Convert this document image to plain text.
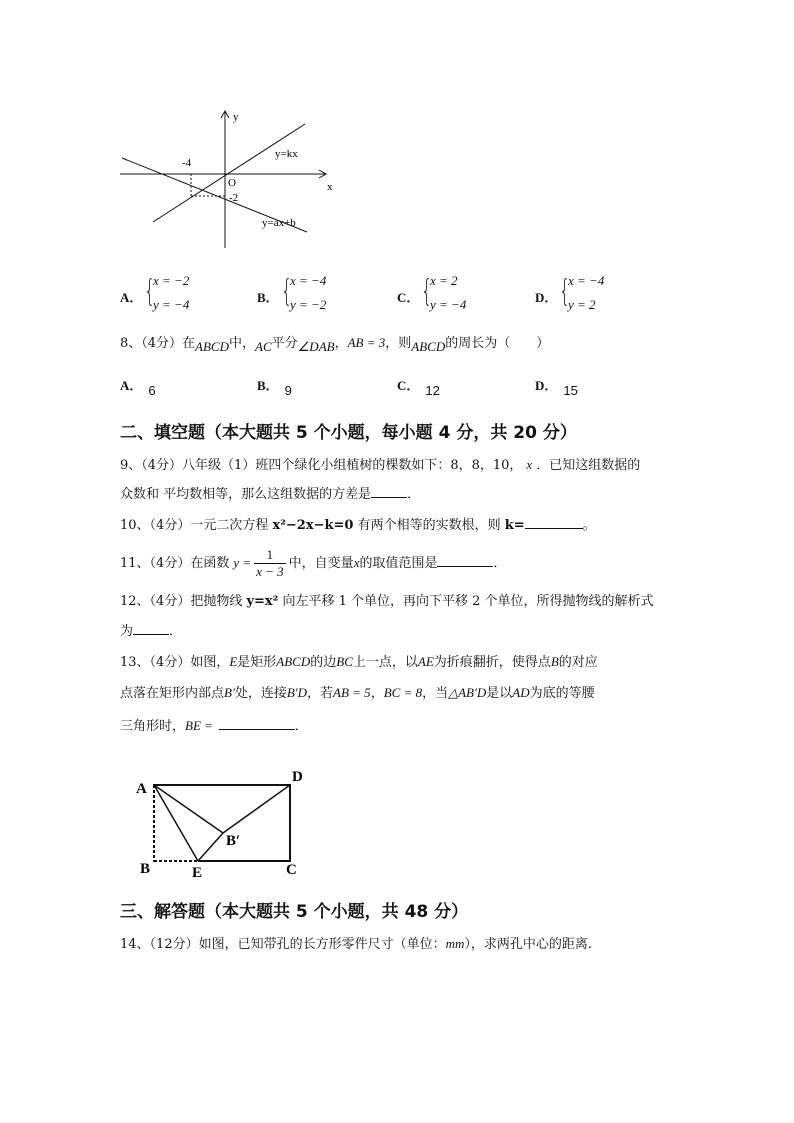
y
x
O
-4
-2
y=kx
y=ax+b
A． {
x = −2
y = −4	B． {
x = −4
y = −2	C． {
x = 2
y = −4	D． {
x = −4
y = 2
8、（4分）在ABCD中，AC平分∠DAB，AB = 3，则ABCD的周长为（　　）
A． 6	B． 9	C． 12	D． 15
二、填空题（本大题共 5 个小题，每小题 4 分，共 20 分）
9、（4分）八年级（1）班四个绿化小组植树的棵数如下：8，8，10， x ．已知这组数据的
众数和 平均数相等，那么这组数据的方差是	．
10、（4分）一元二次方程 x²−2x−k=0 有两个相等的实数根，则 k=	。
11、（4分）在函数 $y = \frac{1}{x - 3}$ 中，自变量x的取值范围是	．
12、（4分）把抛物线 y=x² 向左平移 1 个单位，再向下平移 2 个单位，所得抛物线的解析式
为	．
13、（4分）如图，E是矩形ABCD的边BC上一点，以AE为折痕翻折，使得点B的对应
点落在矩形内部点B′处，连接B′D，若AB = 5，BC = 8，当△AB′D是以AD为底的等腰
三角形时，BE =	．
A
D
B	E	C
B′
三、解答题（本大题共 5 个小题，共 48 分）
14、（12分）如图，已知带孔的长方形零件尺寸（单位：mm），求两孔中心的距离.
